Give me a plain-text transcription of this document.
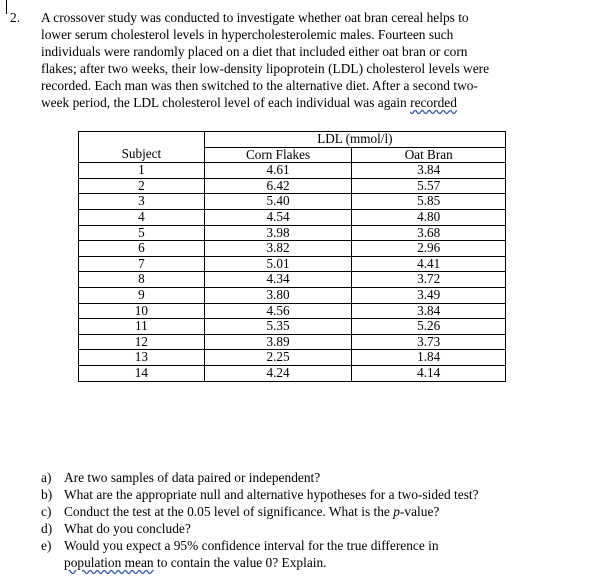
2. A crossover study was conducted to investigate whether oat bran cereal helps to
lower serum cholesterol levels in hypercholesterolemic males. Fourteen such
individuals were randomly placed on a diet that included either oat bran or corn
flakes; after two weeks, their low-density lipoprotein (LDL) cholesterol levels were
recorded. Each man was then switched to the alternative diet. After a second two-
week period, the LDL cholesterol level of each individual was again recorded
	LDL (mmol/l)	
Subject	Corn Flakes	Oat Bran
1	4.61	3.84
2	6.42	5.57
3	5.40	5.85
4	4.54	4.80
5	3.98	3.68
6	3.82	2.96
7	5.01	4.41
8	4.34	3.72
9	3.80	3.49
10	4.56	3.84
11	5.35	5.26
12	3.89	3.73
13	2.25	1.84
14	4.24	4.14
a) Are two samples of data paired or independent?
b) What are the appropriate null and alternative hypotheses for a two-sided test?
c) Conduct the test at the 0.05 level of significance. What is the p-value?
d) What do you conclude?
e) Would you expect a 95% confidence interval for the true difference in
population mean to contain the value 0? Explain.
